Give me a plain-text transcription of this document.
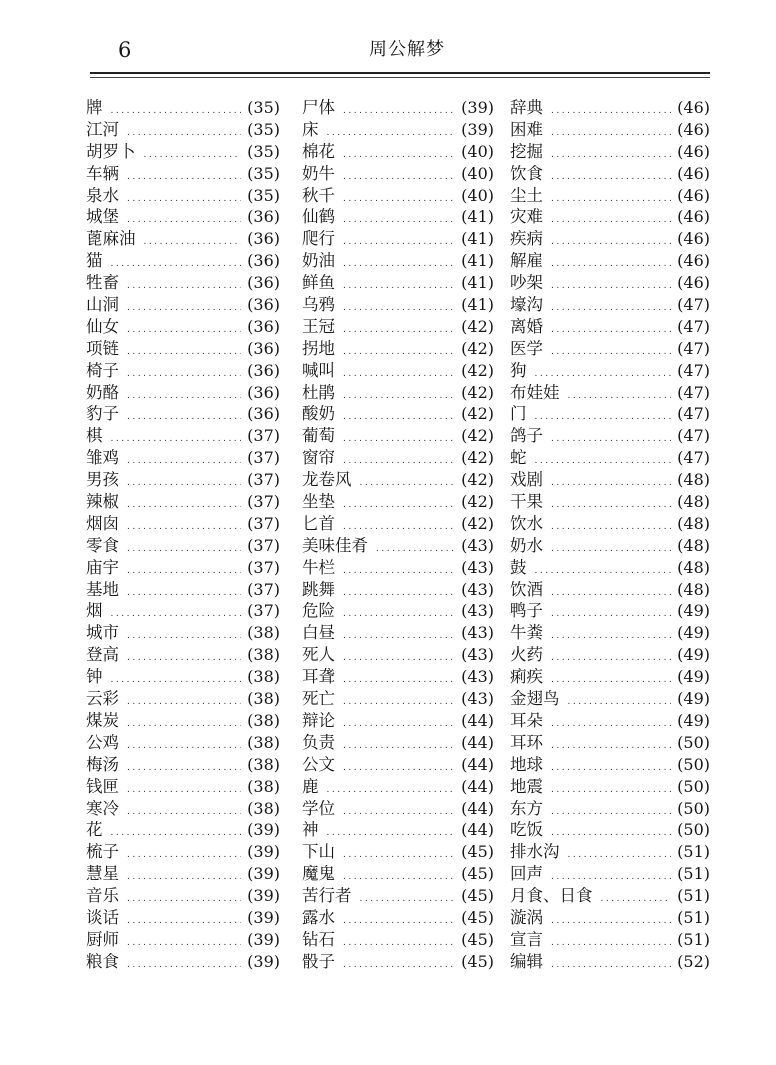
6	周公解梦
牌 .....	(35)
江河 .....	(35)
胡罗卜 .....	(35)
车辆 .....	(35)
泉水 .....	(35)
城堡 .....	(36)
蓖麻油 .....	(36)
猫 .....	(36)
牲畜 .....	(36)
山洞 .....	(36)
仙女 .....	(36)
项链 .....	(36)
椅子 .....	(36)
奶酪 .....	(36)
豹子 .....	(36)
棋 .....	(37)
雏鸡 .....	(37)
男孩 .....	(37)
辣椒 .....	(37)
烟囱 .....	(37)
零食 .....	(37)
庙宇 .....	(37)
基地 .....	(37)
烟 .....	(37)
城市 .....	(38)
登高 .....	(38)
钟 .....	(38)
云彩 .....	(38)
煤炭 .....	(38)
公鸡 .....	(38)
梅汤 .....	(38)
钱匣 .....	(38)
寒冷 .....	(38)
花 .....	(39)
梳子 .....	(39)
慧星 .....	(39)
音乐 .....	(39)
谈话 .....	(39)
厨师 .....	(39)
粮食 .....	(39)
尸体 .....	(39)
床 .....	(39)
棉花 .....	(40)
奶牛 .....	(40)
秋千 .....	(40)
仙鹤 .....	(41)
爬行 .....	(41)
奶油 .....	(41)
鲜鱼 .....	(41)
乌鸦 .....	(41)
王冠 .....	(42)
拐地 .....	(42)
喊叫 .....	(42)
杜鹃 .....	(42)
酸奶 .....	(42)
葡萄 .....	(42)
窗帘 .....	(42)
龙卷风 .....	(42)
坐垫 .....	(42)
匕首 .....	(42)
美味佳肴 .....	(43)
牛栏 .....	(43)
跳舞 .....	(43)
危险 .....	(43)
白昼 .....	(43)
死人 .....	(43)
耳聋 .....	(43)
死亡 .....	(43)
辩论 .....	(44)
负责 .....	(44)
公文 .....	(44)
鹿 .....	(44)
学位 .....	(44)
神 .....	(44)
下山 .....	(45)
魔鬼 .....	(45)
苦行者 .....	(45)
露水 .....	(45)
钻石 .....	(45)
骰子 .....	(45)
辞典 .....	(46)
困难 .....	(46)
挖掘 .....	(46)
饮食 .....	(46)
尘土 .....	(46)
灾难 .....	(46)
疾病 .....	(46)
解雇 .....	(46)
吵架 .....	(46)
壕沟 .....	(47)
离婚 .....	(47)
医学 .....	(47)
狗 .....	(47)
布娃娃 .....	(47)
门 .....	(47)
鸽子 .....	(47)
蛇 .....	(47)
戏剧 .....	(48)
干果 .....	(48)
饮水 .....	(48)
奶水 .....	(48)
鼓 .....	(48)
饮酒 .....	(48)
鸭子 .....	(49)
牛粪 .....	(49)
火药 .....	(49)
痢疾 .....	(49)
金翅鸟 .....	(49)
耳朵 .....	(49)
耳环 .....	(50)
地球 .....	(50)
地震 .....	(50)
东方 .....	(50)
吃饭 .....	(50)
排水沟 .....	(51)
回声 .....	(51)
月食、日食 .....	(51)
漩涡 .....	(51)
宣言 .....	(51)
编辑 .....	(52)
